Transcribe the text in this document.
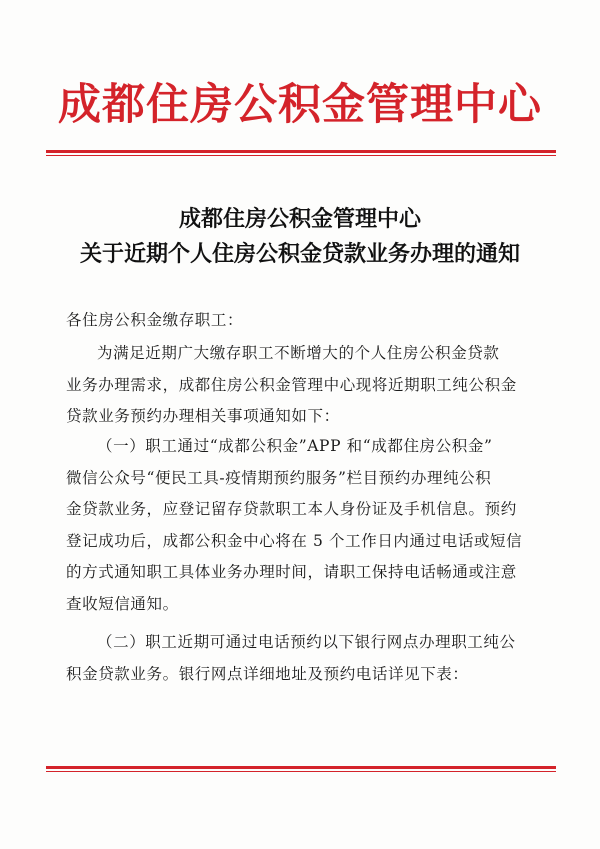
成都住房公积金管理中心
成都住房公积金管理中心
关于近期个人住房公积金贷款业务办理的通知
各住房公积金缴存职工：
为满足近期广大缴存职工不断增大的个人住房公积金贷款
业务办理需求，成都住房公积金管理中心现将近期职工纯公积金
贷款业务预约办理相关事项通知如下：
（一）职工通过“成都公积金”APP 和“成都住房公积金”
微信公众号“便民工具-疫情期预约服务”栏目预约办理纯公积
金贷款业务，应登记留存贷款职工本人身份证及手机信息。预约
登记成功后，成都公积金中心将在 5 个工作日内通过电话或短信
的方式通知职工具体业务办理时间，请职工保持电话畅通或注意
查收短信通知。
（二）职工近期可通过电话预约以下银行网点办理职工纯公
积金贷款业务。银行网点详细地址及预约电话详见下表：
